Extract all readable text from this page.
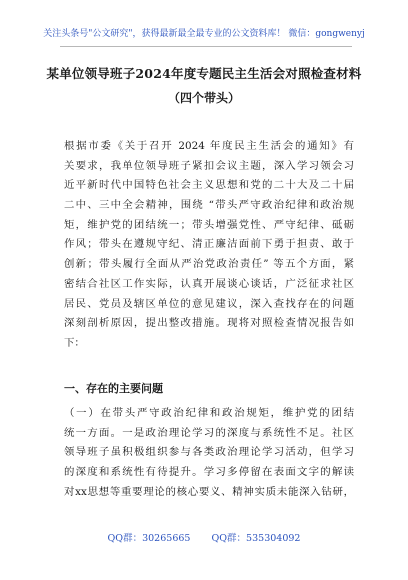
关注头条号"公文研究"，获得最新最全最专业的公文资料库！ 微信：gongwenyj
某单位领导班子2024年度专题民主生活会对照检查材料
（四个带头）
根据市委《关于召开 2024 年度民主生活会的通知》有
关要求，我单位领导班子紧扣会议主题，深入学习领会习
近平新时代中国特色社会主义思想和党的二十大及二十届
二中、三中全会精神，围绕 “带头严守政治纪律和政治规
矩，维护党的团结统一；带头增强党性、严守纪律、砥砺
作风；带头在遵规守纪、清正廉洁面前下勇于担责、敢于
创新；带头履行全面从严治党政治责任” 等五个方面，紧
密结合社区工作实际，认真开展谈心谈话，广泛征求社区
居民、党员及辖区单位的意见建议，深入查找存在的问题
深刻剖析原因，提出整改措施。现将对照检查情况报告如
下：
一、存在的主要问题
（一）在带头严守政治纪律和政治规矩，维护党的团结
统一方面。一是政治理论学习的深度与系统性不足。社区
领导班子虽积极组织参与各类政治理论学习活动，但学习
的深度和系统性有待提升。学习多停留在表面文字的解读
对xx思想等重要理论的核心要义、精神实质未能深入钻研，
QQ群：30265665 QQ群：535304092
